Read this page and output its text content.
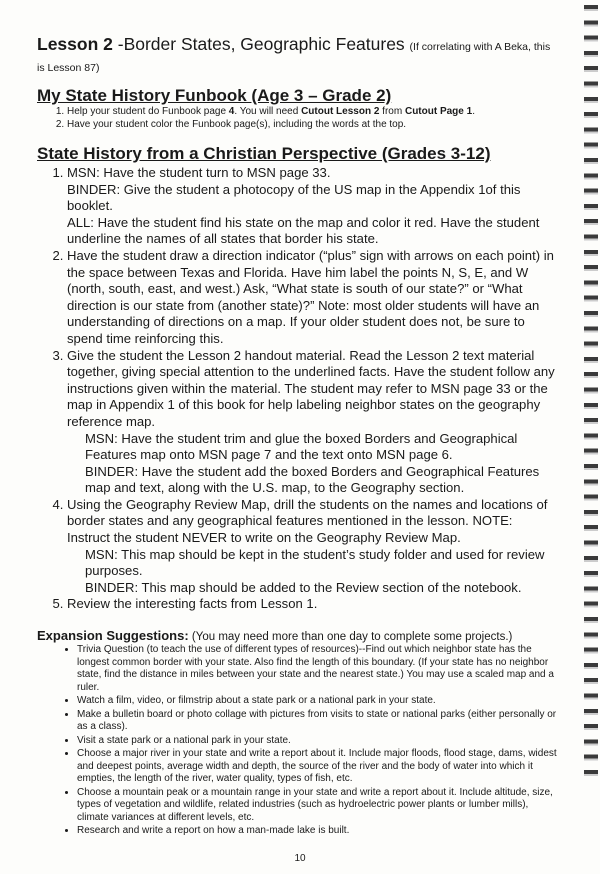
Lesson 2 -Border States, Geographic Features (If correlating with A Beka, this is Lesson 87)
My State History Funbook (Age 3 – Grade 2)
1. Help your student do Funbook page 4. You will need Cutout Lesson 2 from Cutout Page 1.
2. Have your student color the Funbook page(s), including the words at the top.
State History from a Christian Perspective (Grades 3-12)

1. MSN: Have the student turn to MSN page 33.

BINDER: Give the student a photocopy of the US map in the Appendix 1of this booklet.

ALL: Have the student find his state on the map and color it red. Have the student underline the names of all states that border his state.

2. Have the student draw a direction indicator (“plus” sign with arrows on each point) in the space between Texas and Florida. Have him label the points N, S, E, and W (north, south, east, and west.) Ask, “What state is south of our state?” or “What direction is our state from (another state)?” Note: most older students will have an understanding of directions on a map. If your older student does not, be sure to spend time reinforcing this.

3. Give the student the Lesson 2 handout material. Read the Lesson 2 text material together, giving special attention to the underlined facts. Have the student follow any instructions given within the material. The student may refer to MSN page 33 or the map in Appendix 1 of this book for help labeling neighbor states on the geography reference map.

MSN: Have the student trim and glue the boxed Borders and Geographical Features map onto MSN page 7 and the text onto MSN page 6.

BINDER: Have the student add the boxed Borders and Geographical Features map and text, along with the U.S. map, to the Geography section.

4. Using the Geography Review Map, drill the students on the names and locations of border states and any geographical features mentioned in the lesson. NOTE: Instruct the student NEVER to write on the Geography Review Map.

MSN: This map should be kept in the student’s study folder and used for review purposes.

BINDER: This map should be added to the Review section of the notebook.

5. Review the interesting facts from Lesson 1.

Expansion Suggestions: (You may need more than one day to complete some projects.)
• Trivia Question (to teach the use of different types of resources)--Find out which neighbor state has the longest common border with your state. Also find the length of this boundary. (If your state has no neighbor state, find the distance in miles between your state and the nearest state.) You may use a scaled map and a ruler.
• Watch a film, video, or filmstrip about a state park or a national park in your state.
• Make a bulletin board or photo collage with pictures from visits to state or national parks (either personally or as a class).
• Visit a state park or a national park in your state.
• Choose a major river in your state and write a report about it. Include major floods, flood stage, dams, widest and deepest points, average width and depth, the source of the river and the body of water into which it empties, the length of the river, water quality, types of fish, etc.
• Choose a mountain peak or a mountain range in your state and write a report about it. Include altitude, size, types of vegetation and wildlife, related industries (such as hydroelectric power plants or lumber mills), climate variances at different levels, etc.
• Research and write a report on how a man-made lake is built.
10
